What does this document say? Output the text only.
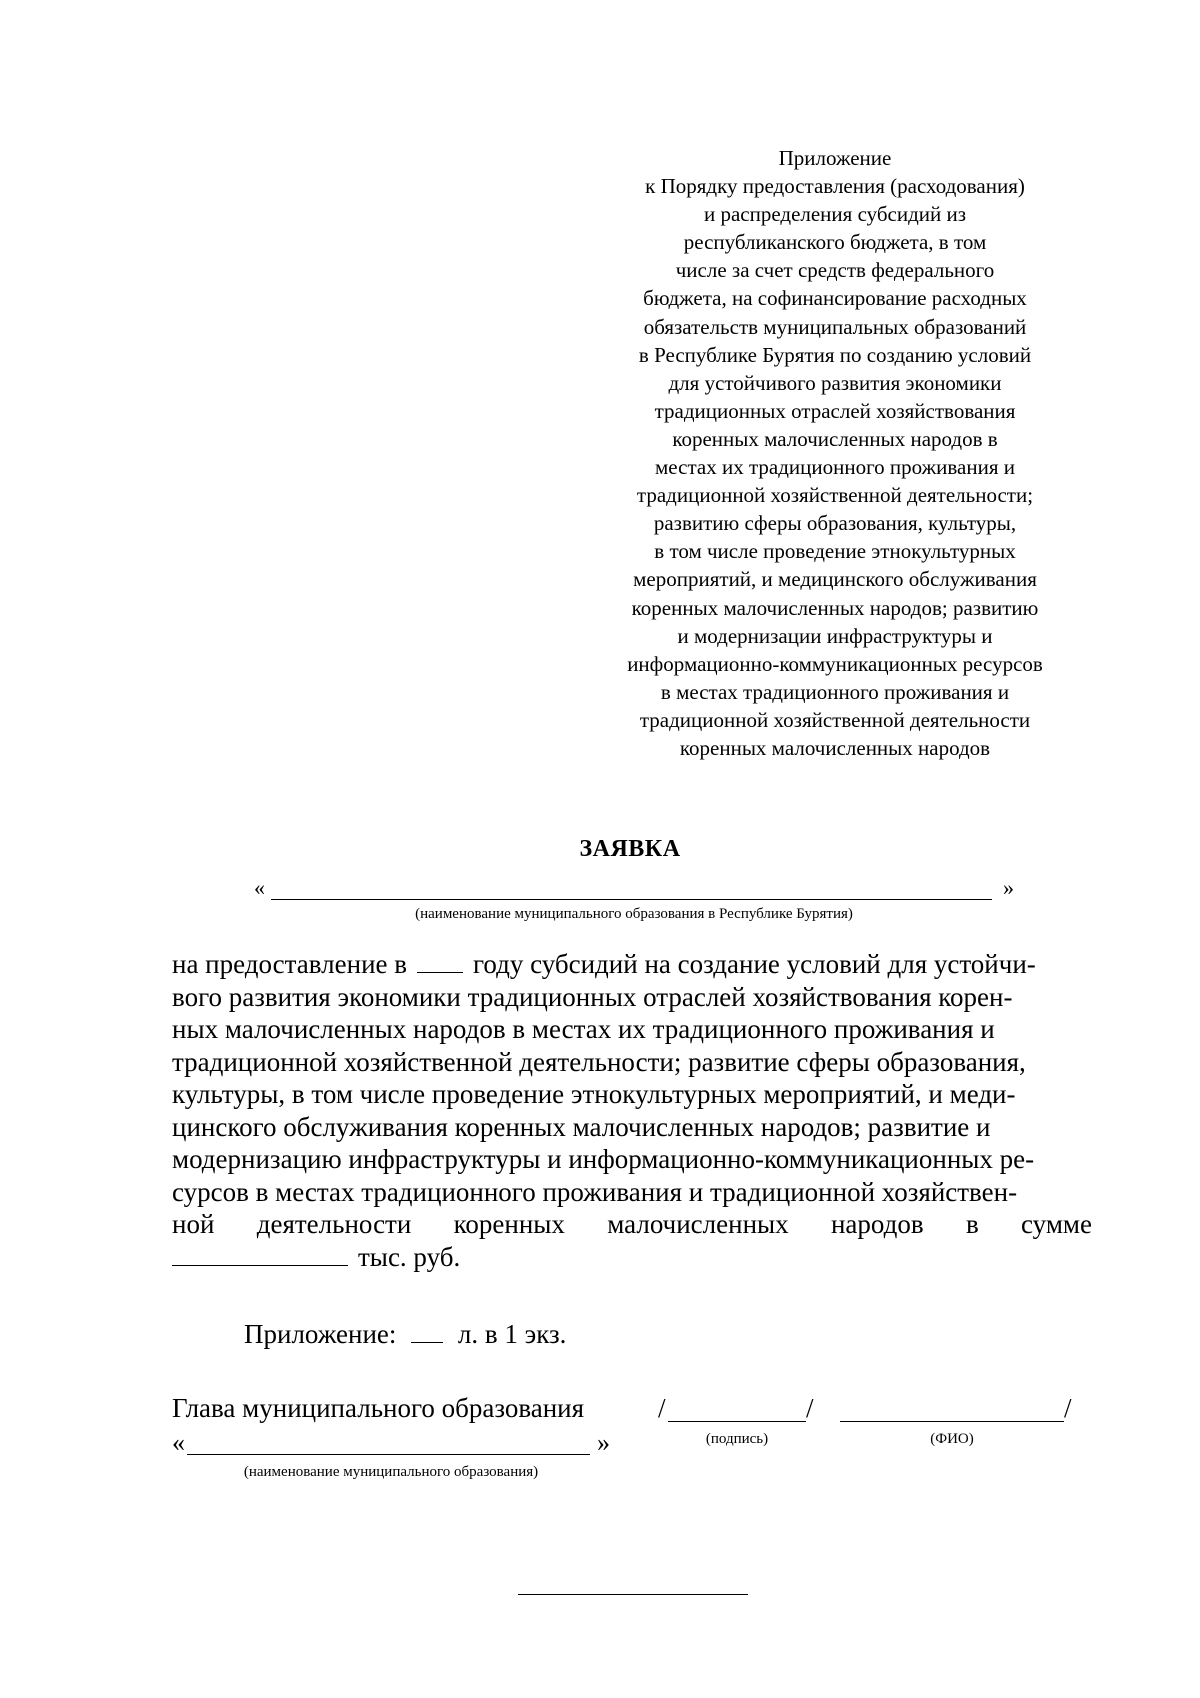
Приложение
к Порядку предоставления (расходования)
и распределения субсидий из
республиканского бюджета, в том
числе за счет средств федерального
бюджета, на софинансирование расходных
обязательств муниципальных образований
в Республике Бурятия по созданию условий
для устойчивого развития экономики
традиционных отраслей хозяйствования
коренных малочисленных народов в
местах их традиционного проживания и
традиционной хозяйственной деятельности;
развитию сферы образования, культуры,
в том числе проведение этнокультурных
мероприятий, и медицинского обслуживания
коренных малочисленных народов; развитию
и модернизации инфраструктуры и
информационно-коммуникационных ресурсов
в местах традиционного проживания и
традиционной хозяйственной деятельности
коренных малочисленных народов
ЗАЯВКА
«	»
(наименование муниципального образования в Республике Бурятия)
на предоставление в году субсидий на создание условий для устойчи-
вого развития экономики традиционных отраслей хозяйствования корен-
ных малочисленных народов в местах их традиционного проживания и
традиционной хозяйственной деятельности; развитие сферы образования,
культуры, в том числе проведение этнокультурных мероприятий, и меди-
цинского обслуживания коренных малочисленных народов; развитие и
модернизацию инфраструктуры и информационно-коммуникационных ре-
сурсов в местах традиционного проживания и традиционной хозяйствен-
ной деятельности коренных малочисленных народов в сумме
тыс. руб.
Приложение: л. в 1 экз.
Глава муниципального образования
«	»
(наименование муниципального образования)
/	/
(подпись)
/
(ФИО)
